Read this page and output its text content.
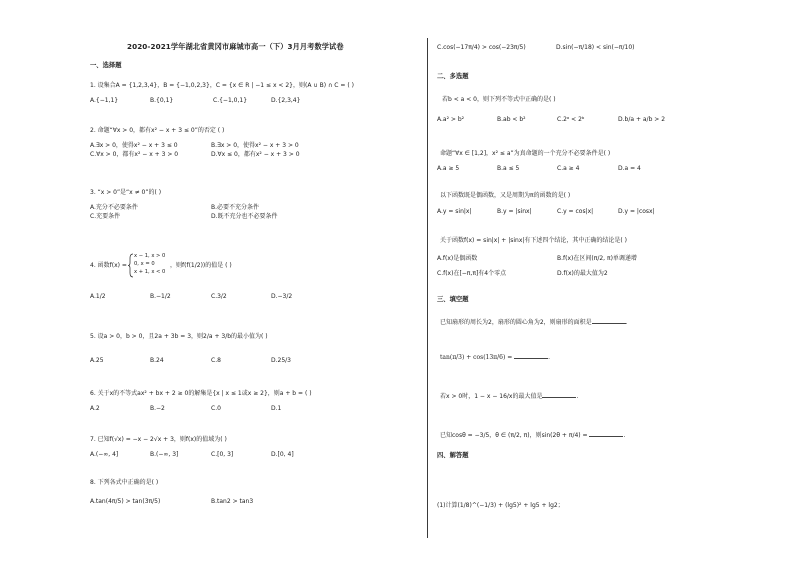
2020-2021学年湖北省黄冈市麻城市高一（下）3月月考数学试卷
一、选择题
1. 设集合A = {1,2,3,4}，B = {−1,0,2,3}，C = {x ∈ R | −1 ≤ x < 2}，则(A ∪ B) ∩ C = ( )
A.{−1,1}	B.{0,1}	C.{−1,0,1}	D.{2,3,4}
2. 命题“∀x > 0，都有x² − x + 3 ≤ 0”的否定 ( )
A.∃x > 0，使得x² − x + 3 ≤ 0	B.∃x > 0，使得x² − x + 3 > 0
C.∀x > 0，都有x² − x + 3 > 0	D.∀x ≤ 0，都有x² − x + 3 > 0
3. “x > 0”是“x ≠ 0”的( )
A.充分不必要条件	B.必要不充分条件
C.充要条件	D.既不充分也不必要条件
4. 函数f(x) =
x − 1, x > 0
0, x = 0
x + 1, x < 0
，则f(f(1/2))的值是 ( )
A.1/2	B.−1/2	C.3/2	D.−3/2
5. 设a > 0，b > 0，且2a + 3b = 3，则2/a + 3/b的最小值为( )
A.25	B.24	C.8	D.25/3
6. 关于x的不等式ax² + bx + 2 ≥ 0的解集是{x | x ≤ 1或x ≥ 2}，则a + b = ( )
A.2	B.−2	C.0	D.1
7. 已知f(√x) = −x − 2√x + 3，则f(x)的值域为( )
A.(−∞, 4]	B.(−∞, 3]	C.[0, 3]	D.[0, 4]
8. 下列各式中正确的是( )
A.tan(4π/5) > tan(3π/5)	B.tan2 > tan3
C.cos(−17π/4) > cos(−23π/5)	D.sin(−π/18) < sin(−π/10)
二、多选题
若b < a < 0，则下列不等式中正确的是( )
A.a² > b²	B.ab < b²	C.2ᵃ < 2ᵇ	D.b/a + a/b > 2
命题“∀x ∈ [1,2]，x² ≤ a”为真命题的一个充分不必要条件是( )
A.a ≥ 5	B.a ≤ 5	C.a ≥ 4	D.a = 4
以下函数既是偶函数，又是周期为π的函数的是( )
A.y = sin|x|	B.y = |sinx|	C.y = cos|x|	D.y = |cosx|
关于函数f(x) = sin|x| + |sinx|有下述四个结论，其中正确的结论是( )
A.f(x)是偶函数	B.f(x)在区间(π/2, π)单调递增
C.f(x)在[−π,π]有4个零点	D.f(x)的最大值为2
三、填空题
已知扇形的周长为2，扇形的圆心角为2，则扇形的面积是	.
tan(π/3) + cos(13π/6) =	.
若x > 0时，1 − x − 16/x的最大值是	.
已知cosθ = −3/5，θ ∈ (π/2, π)，则sin(2θ + π/4) =	.
四、解答题
(1)计算(1/8)^(−1/3) + (lg5)² + lg5 + lg2；
